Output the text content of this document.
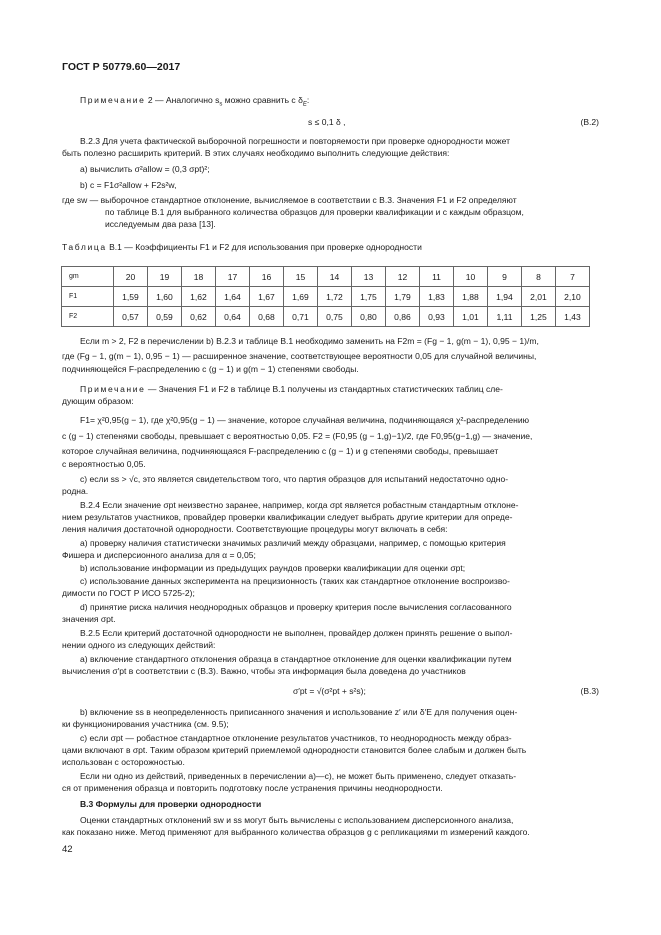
ГОСТ Р 50779.60—2017
Примечание 2 — Аналогично $s_s$ можно сравнить с $\delta_E$:
s ≤ 0,1 δ ,	(В.2)
В.2.3 Для учета фактической выборочной погрешности и повторяемости при проверке однородности может
быть полезно расширить критерий. В этих случаях необходимо выполнить следующие действия:
а) вычислить σ²allow = (0,3 σpt)²;
b) c = F1σ²allow + F2s²w,
где sw — выборочное стандартное отклонение, вычисляемое в соответствии с В.3. Значения F1 и F2 определяют
по таблице В.1 для выбранного количества образцов для проверки квалификации и с каждым образцом,
исследуемым два раза [13].
Таблица В.1 — Коэффициенты F1 и F2 для использования при проверке однородности
gm	20	19	18	17	16	15	14	13	12	11	10	9	8	7
F1	1,59	1,60	1,62	1,64	1,67	1,69	1,72	1,75	1,79	1,83	1,88	1,94	2,01	2,10
F2	0,57	0,59	0,62	0,64	0,68	0,71	0,75	0,80	0,86	0,93	1,01	1,11	1,25	1,43
Если m > 2, F2 в перечислении b) В.2.3 и таблице В.1 необходимо заменить на F2m = (Fg − 1, g(m − 1), 0,95 − 1)/m,
где (Fg − 1, g(m − 1), 0,95 − 1) — расширенное значение, соответствующее вероятности 0,05 для случайной величины,
подчиняющейся F-распределению с (g − 1) и g(m − 1) степенями свободы.
Примечание — Значения F1 и F2 в таблице В.1 получены из стандартных статистических таблиц сле-
дующим образом:
F1= χ²0,95(g − 1), где χ²0,95(g − 1) — значение, которое случайная величина, подчиняющаяся χ²-распределению
с (g − 1) степенями свободы, превышает с вероятностью 0,05. F2 = (F0,95 (g − 1,g)−1)/2, где F0,95(g−1,g) — значение,
которое случайная величина, подчиняющаяся F-распределению с (g − 1) и g степенями свободы, превышает
с вероятностью 0,05.
с) если ss > √c, это является свидетельством того, что партия образцов для испытаний недостаточно одно-
родна.
В.2.4 Если значение σpt неизвестно заранее, например, когда σpt является робастным стандартным отклоне-
нием результатов участников, провайдер проверки квалификации следует выбрать другие критерии для опреде-
ления наличия достаточной однородности. Соответствующие процедуры могут включать в себя:
а) проверку наличия статистически значимых различий между образцами, например, с помощью критерия
Фишера и дисперсионного анализа для α = 0,05;
b) использование информации из предыдущих раундов проверки квалификации для оценки σpt;
с) использование данных эксперимента на прецизионность (таких как стандартное отклонение воспроизво-
димости по ГОСТ Р ИСО 5725-2);
d) принятие риска наличия неоднородных образцов и проверку критерия после вычисления согласованного
значения σpt.
В.2.5 Если критерий достаточной однородности не выполнен, провайдер должен принять решение о выпол-
нении одного из следующих действий:
а) включение стандартного отклонения образца в стандартное отклонение для оценки квалификации путем
вычисления σ′pt в соответствии с (В.3). Важно, чтобы эта информация была доведена до участников
σ′pt = √(σ²pt + s²s);	(В.3)
b) включение ss в неопределенность приписанного значения и использование z′ или δ′E для получения оцен-
ки функционирования участника (см. 9.5);
с) если σpt — робастное стандартное отклонение результатов участников, то неоднородность между образ-
цами включают в σpt. Таким образом критерий приемлемой однородности становится более слабым и должен быть
использован с осторожностью.
Если ни одно из действий, приведенных в перечислении а)—с), не может быть применено, следует отказать-
ся от применения образца и повторить подготовку после устранения причины неоднородности.
В.3 Формулы для проверки однородности
Оценки стандартных отклонений sw и ss могут быть вычислены с использованием дисперсионного анализа,
как показано ниже. Метод применяют для выбранного количества образцов g с репликациями m измерений каждого.
42
